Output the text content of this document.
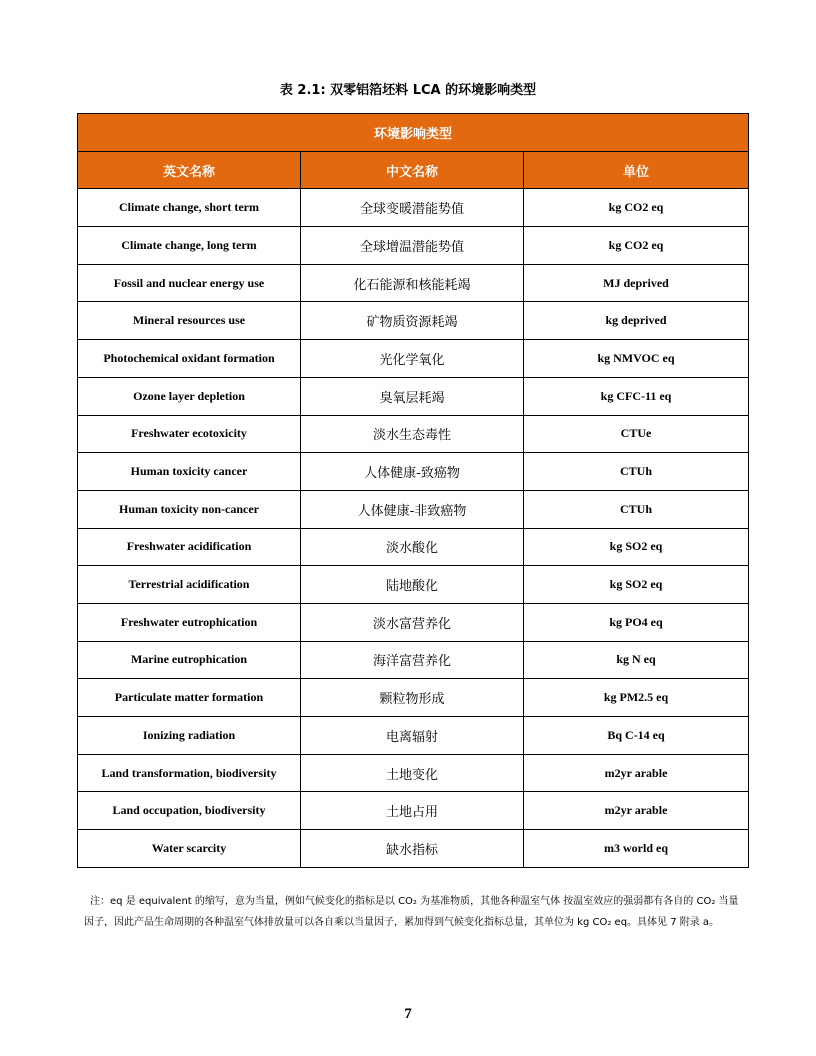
表 2.1: 双零铝箔坯料 LCA 的环境影响类型
环境影响类型		
英文名称	中文名称	单位
Climate change, short term	全球变暖潜能势值	kg CO2 eq
Climate change, long term	全球增温潜能势值	kg CO2 eq
Fossil and nuclear energy use	化石能源和核能耗竭	MJ deprived
Mineral resources use	矿物质资源耗竭	kg deprived
Photochemical oxidant formation	光化学氧化	kg NMVOC eq
Ozone layer depletion	臭氧层耗竭	kg CFC-11 eq
Freshwater ecotoxicity	淡水生态毒性	CTUe
Human toxicity cancer	人体健康-致癌物	CTUh
Human toxicity non-cancer	人体健康-非致癌物	CTUh
Freshwater acidification	淡水酸化	kg SO2 eq
Terrestrial acidification	陆地酸化	kg SO2 eq
Freshwater eutrophication	淡水富营养化	kg PO4 eq
Marine eutrophication	海洋富营养化	kg N eq
Particulate matter formation	颗粒物形成	kg PM2.5 eq
Ionizing radiation	电离辐射	Bq C-14 eq
Land transformation, biodiversity	土地变化	m2yr arable
Land occupation, biodiversity	土地占用	m2yr arable
Water scarcity	缺水指标	m3 world eq
注：eq 是 equivalent 的缩写，意为当量，例如气候变化的指标是以 CO₂ 为基准物质，其他各种温室气体 按温室效应的强弱都有各自的 CO₂ 当量因子，因此产品生命周期的各种温室气体排放量可以各自乘以当量因子，累加得到气候变化指标总量，其单位为 kg CO₂ eq。具体见 7 附录 a。
7
